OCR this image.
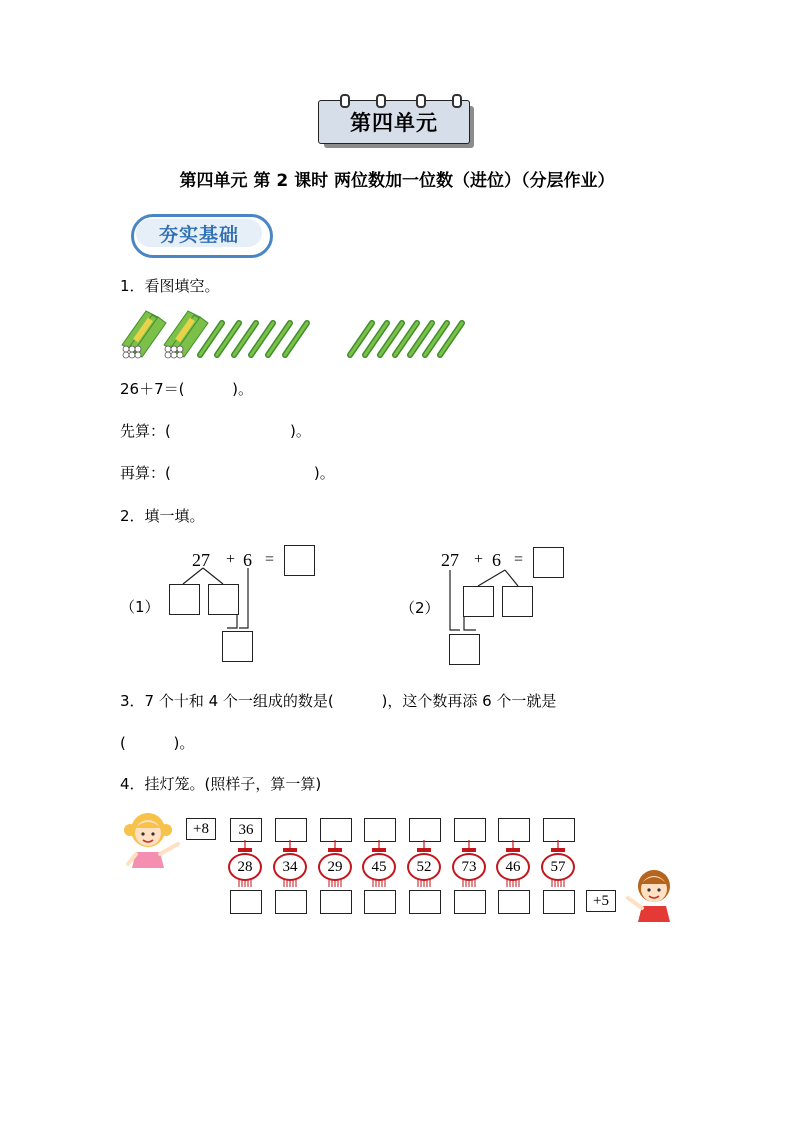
第四单元
第四单元 第 2 课时 两位数加一位数（进位）（分层作业）
夯实基础
1．看图填空。
26＋7＝(          )。
先算：(                         )。
再算：(                              )。
2．填一填。
27 + 6 =
（1）
27 + 6 =
（2）
3．7 个十和 4 个一组成的数是(          )，这个数再添 6 个一就是
(          )。
4．挂灯笼。(照样子，算一算)
+8	36
28	34	29	45	52	73	46	57
+5
